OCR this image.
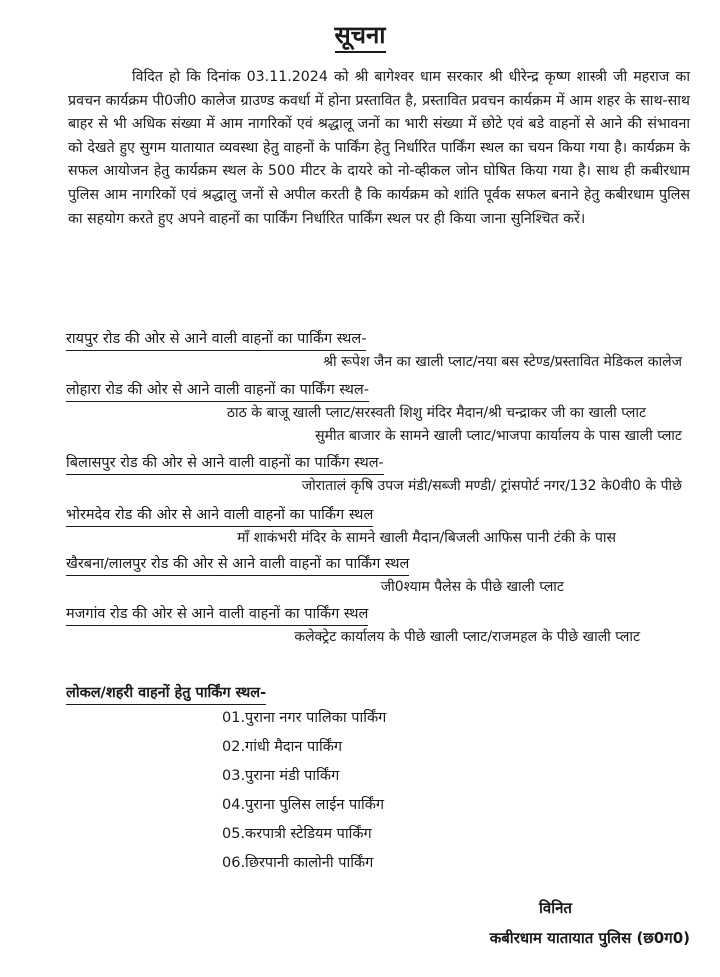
सूचना
विदित हो कि दिनांक 03.11.2024 को श्री बागेश्वर धाम सरकार श्री धीरेन्द्र कृष्ण शास्त्री जी महराज का प्रवचन कार्यक्रम पी0जी0 कालेज ग्राउण्ड कवर्धा में होना प्रस्तावित है, प्रस्तावित प्रवचन कार्यक्रम में आम शहर के साथ-साथ बाहर से भी अधिक संख्या में आम नागरिकों एवं श्रद्धालू जनों का भारी संख्या में छोटे एवं बडे वाहनों से आने की संभावना को देखते हुए सुगम यातायात व्यवस्था हेतु वाहनों के पार्किंग हेतु निर्धारित पार्किंग स्थल का चयन किया गया है। कार्यक्रम के सफल आयोजन हेतु कार्यक्रम स्थल के 500 मीटर के दायरे को नो-व्हीकल जोन घोषित किया गया है। साथ ही कबीरधाम पुलिस आम नागरिकों एवं श्रद्धालु जनों से अपील करती है कि कार्यक्रम को शांति पूर्वक सफल बनाने हेतु कबीरधाम पुलिस का सहयोग करते हुए अपने वाहनों का पार्किंग निर्धारित पार्किंग स्थल पर ही किया जाना सुनिश्चित करें।
रायपुर रोड की ओर से आने वाली वाहनों का पार्किंग स्थल-
श्री रूपेश जैन का खाली प्लाट/नया बस स्टेण्ड/प्रस्तावित मेडिकल कालेज
लोहारा रोड की ओर से आने वाली वाहनों का पार्किंग स्थल-
ठाठ के बाजू खाली प्लाट/सरस्वती शिशु मंदिर मैदान/श्री चन्द्राकर जी का खाली प्लाट
सुमीत बाजार के सामने खाली प्लाट/भाजपा कार्यालय के पास खाली प्लाट
बिलासपुर रोड की ओर से आने वाली वाहनों का पार्किंग स्थल-
जोरातालं कृषि उपज मंडी/सब्जी मण्डी/ ट्रांसपोर्ट नगर/132 के0वी0 के पीछे
भोरमदेव रोड की ओर से आने वाली वाहनों का पार्किंग स्थल
माँ शाकंभरी मंदिर के सामने खाली मैदान/बिजली आफिस पानी टंकी के पास
खैरबना/लालपुर रोड की ओर से आने वाली वाहनों का पार्किंग स्थल
जी0श्याम पैलेस के पीछे खाली प्लाट
मजगांव रोड की ओर से आने वाली वाहनों का पार्किंग स्थल
कलेक्ट्रेट कार्यालय के पीछे खाली प्लाट/राजमहल के पीछे खाली प्लाट
लोकल/शहरी वाहनों हेतु पार्किंग स्थल-
01.पुराना नगर पालिका पार्किंग
02.गांधी मैदान पार्किंग
03.पुराना मंडी पार्किंग
04.पुराना पुलिस लाईन पार्किंग
05.करपात्री स्टेडियम पार्किंग
06.छिरपानी कालोनी पार्किंग
विनित
कबीरधाम यातायात पुलिस (छ0ग0)
